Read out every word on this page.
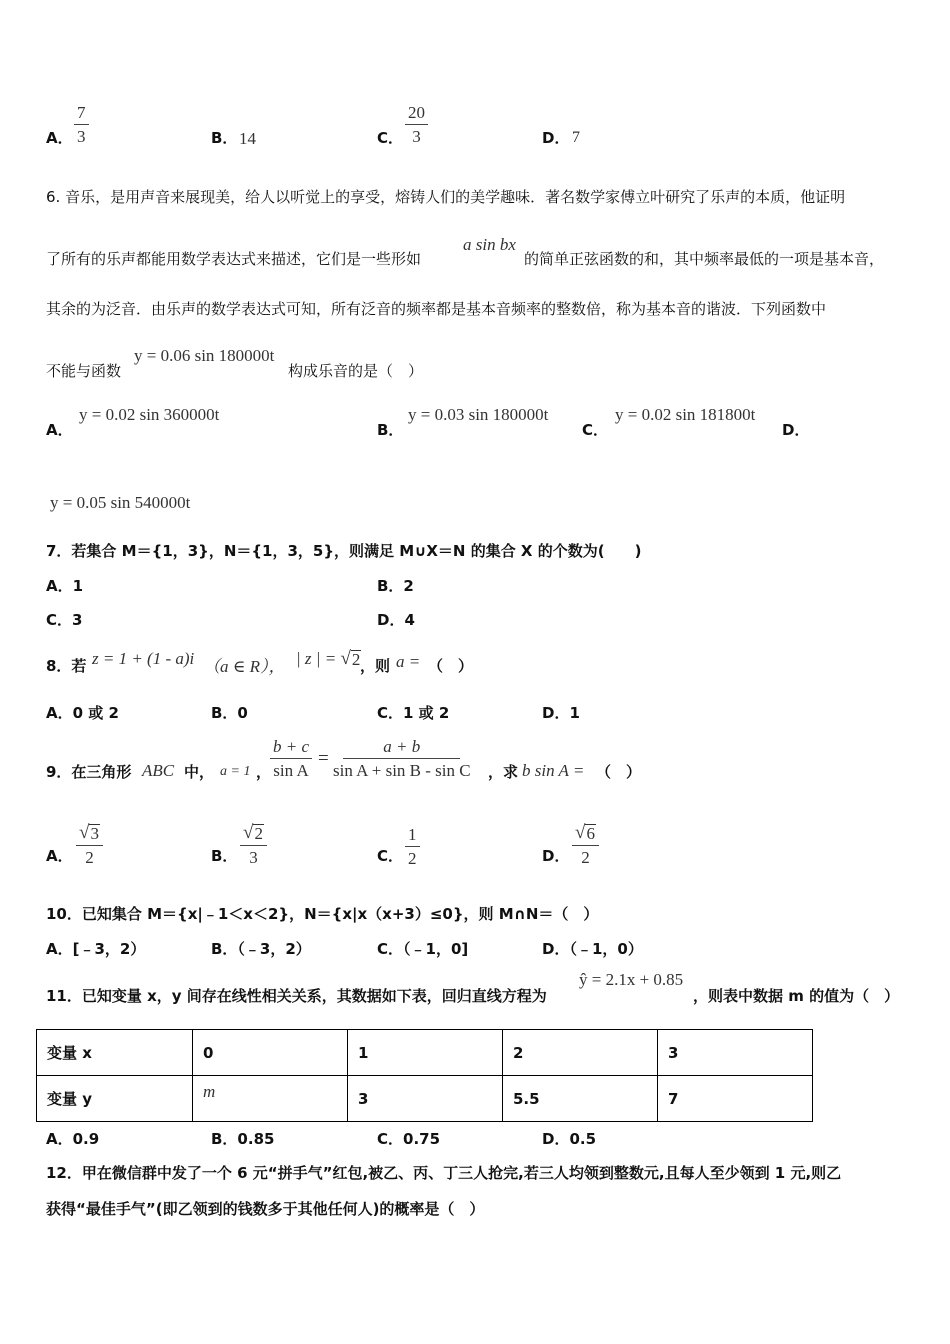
A． $\frac{7}{3}$	B． 14	C． $\frac{20}{3}$	D． 7
6. 音乐，是用声音来展现美，给人以听觉上的享受，熔铸人们的美学趣味．著名数学家傅立叶研究了乐声的本质，他证明
了所有的乐声都能用数学表达式来描述，它们是一些形如
a sin bx
的简单正弦函数的和，其中频率最低的一项是基本音，
其余的为泛音．由乐声的数学表达式可知，所有泛音的频率都是基本音频率的整数倍，称为基本音的谐波．下列函数中
不能与函数
y = 0.06 sin 180000t
构成乐音的是（　）
A．
y = 0.02 sin 360000t
B．
y = 0.03 sin 180000t
C．
y = 0.02 sin 181800t
D．
y = 0.05 sin 540000t
7．若集合 M＝{1，3}，N＝{1，3，5}，则满足 M∪X＝N 的集合 X 的个数为(　　)
A．1	B．2
C．3	D．4
8．若 z = 1 + (1 - a)i （a ∈ R）， | z | = √ 2 ，则 a = （　）
A．0 或 2	B．0	C．1 或 2	D．1
9．在三角形 ABC 中， a = 1 ，
$\frac{b + c}{\text{sin A}} = \frac{a + b}{\text{sin A + sin B - sin C}}$ ，求 b sin A = （　）
A． $\frac{√ 3}{2}$	B． $\frac{√ 2}{3}$	C． $\frac{1}{2}$	D． $\frac{√ 6}{2}$
10．已知集合 M＝{x|﹣1＜x＜2}，N＝{x|x（x+3）≤0}，则 M∩N＝（　）
A．[﹣3，2）	B．（﹣3，2）	C．（﹣1，0]	D．（﹣1，0）
11．已知变量 x，y 间存在线性相关关系，其数据如下表，回归直线方程为
ŷ = 2.1x + 0.85
，则表中数据 m 的值为（　）
变量 x	0	1	2	3
变量 y	m	3	5.5	7
A．0.9	B．0.85	C．0.75	D．0.5
12．甲在微信群中发了一个 6 元“拼手气”红包,被乙、丙、丁三人抢完,若三人均领到整数元,且每人至少领到 1 元,则乙
获得“最佳手气”(即乙领到的钱数多于其他任何人)的概率是（　）
